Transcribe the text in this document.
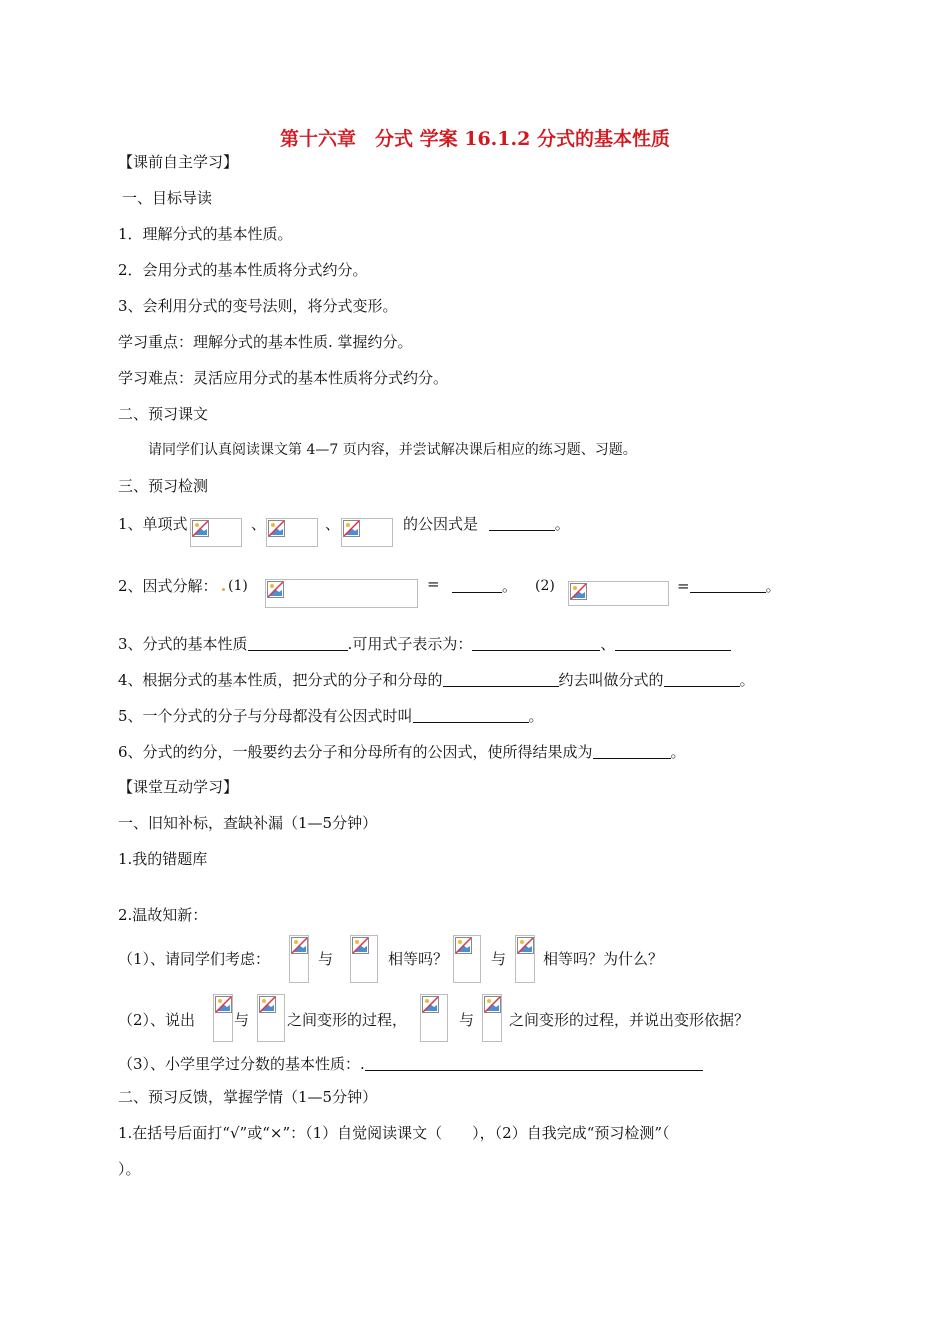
第十六章　分式 学案 16.1.2 分式的基本性质
【课前自主学习】
一、目标导读
1．理解分式的基本性质。
2．会用分式的基本性质将分式约分。
3、会利用分式的变号法则，将分式变形。
学习重点：理解分式的基本性质. 掌握约分。
学习难点：灵活应用分式的基本性质将分式约分。
二、预习课文
请同学们认真阅读课文第 4—7 页内容，并尝试解决课后相应的练习题、习题。
三、预习检测
1、单项式	、	、	的公因式是	。
2、因式分解： (1)	=	。 (2)	=	。
3、分式的基本性质	.可用式子表示为：	、
4、根据分式的基本性质，把分式的分子和分母的	约去叫做分式的	。
5、一个分式的分子与分母都没有公因式时叫	。
6、分式的约分，一般要约去分子和分母所有的公因式，使所得结果成为	。
【课堂互动学习】
一、旧知补标，查缺补漏（1—5分钟）
1.我的错题库
2.温故知新：
（1）、请同学们考虑：	与	相等吗？	与 相等吗？为什么？
（2）、说出	与	之间变形的过程，	与 之间变形的过程，并说出变形依据？
（3）、小学里学过分数的基本性质：.
二、预习反馈，掌握学情（1—5分钟）
1.在括号后面打“√”或“×”：（1）自觉阅读课文（　　），（2）自我完成“预习检测”（
）。
